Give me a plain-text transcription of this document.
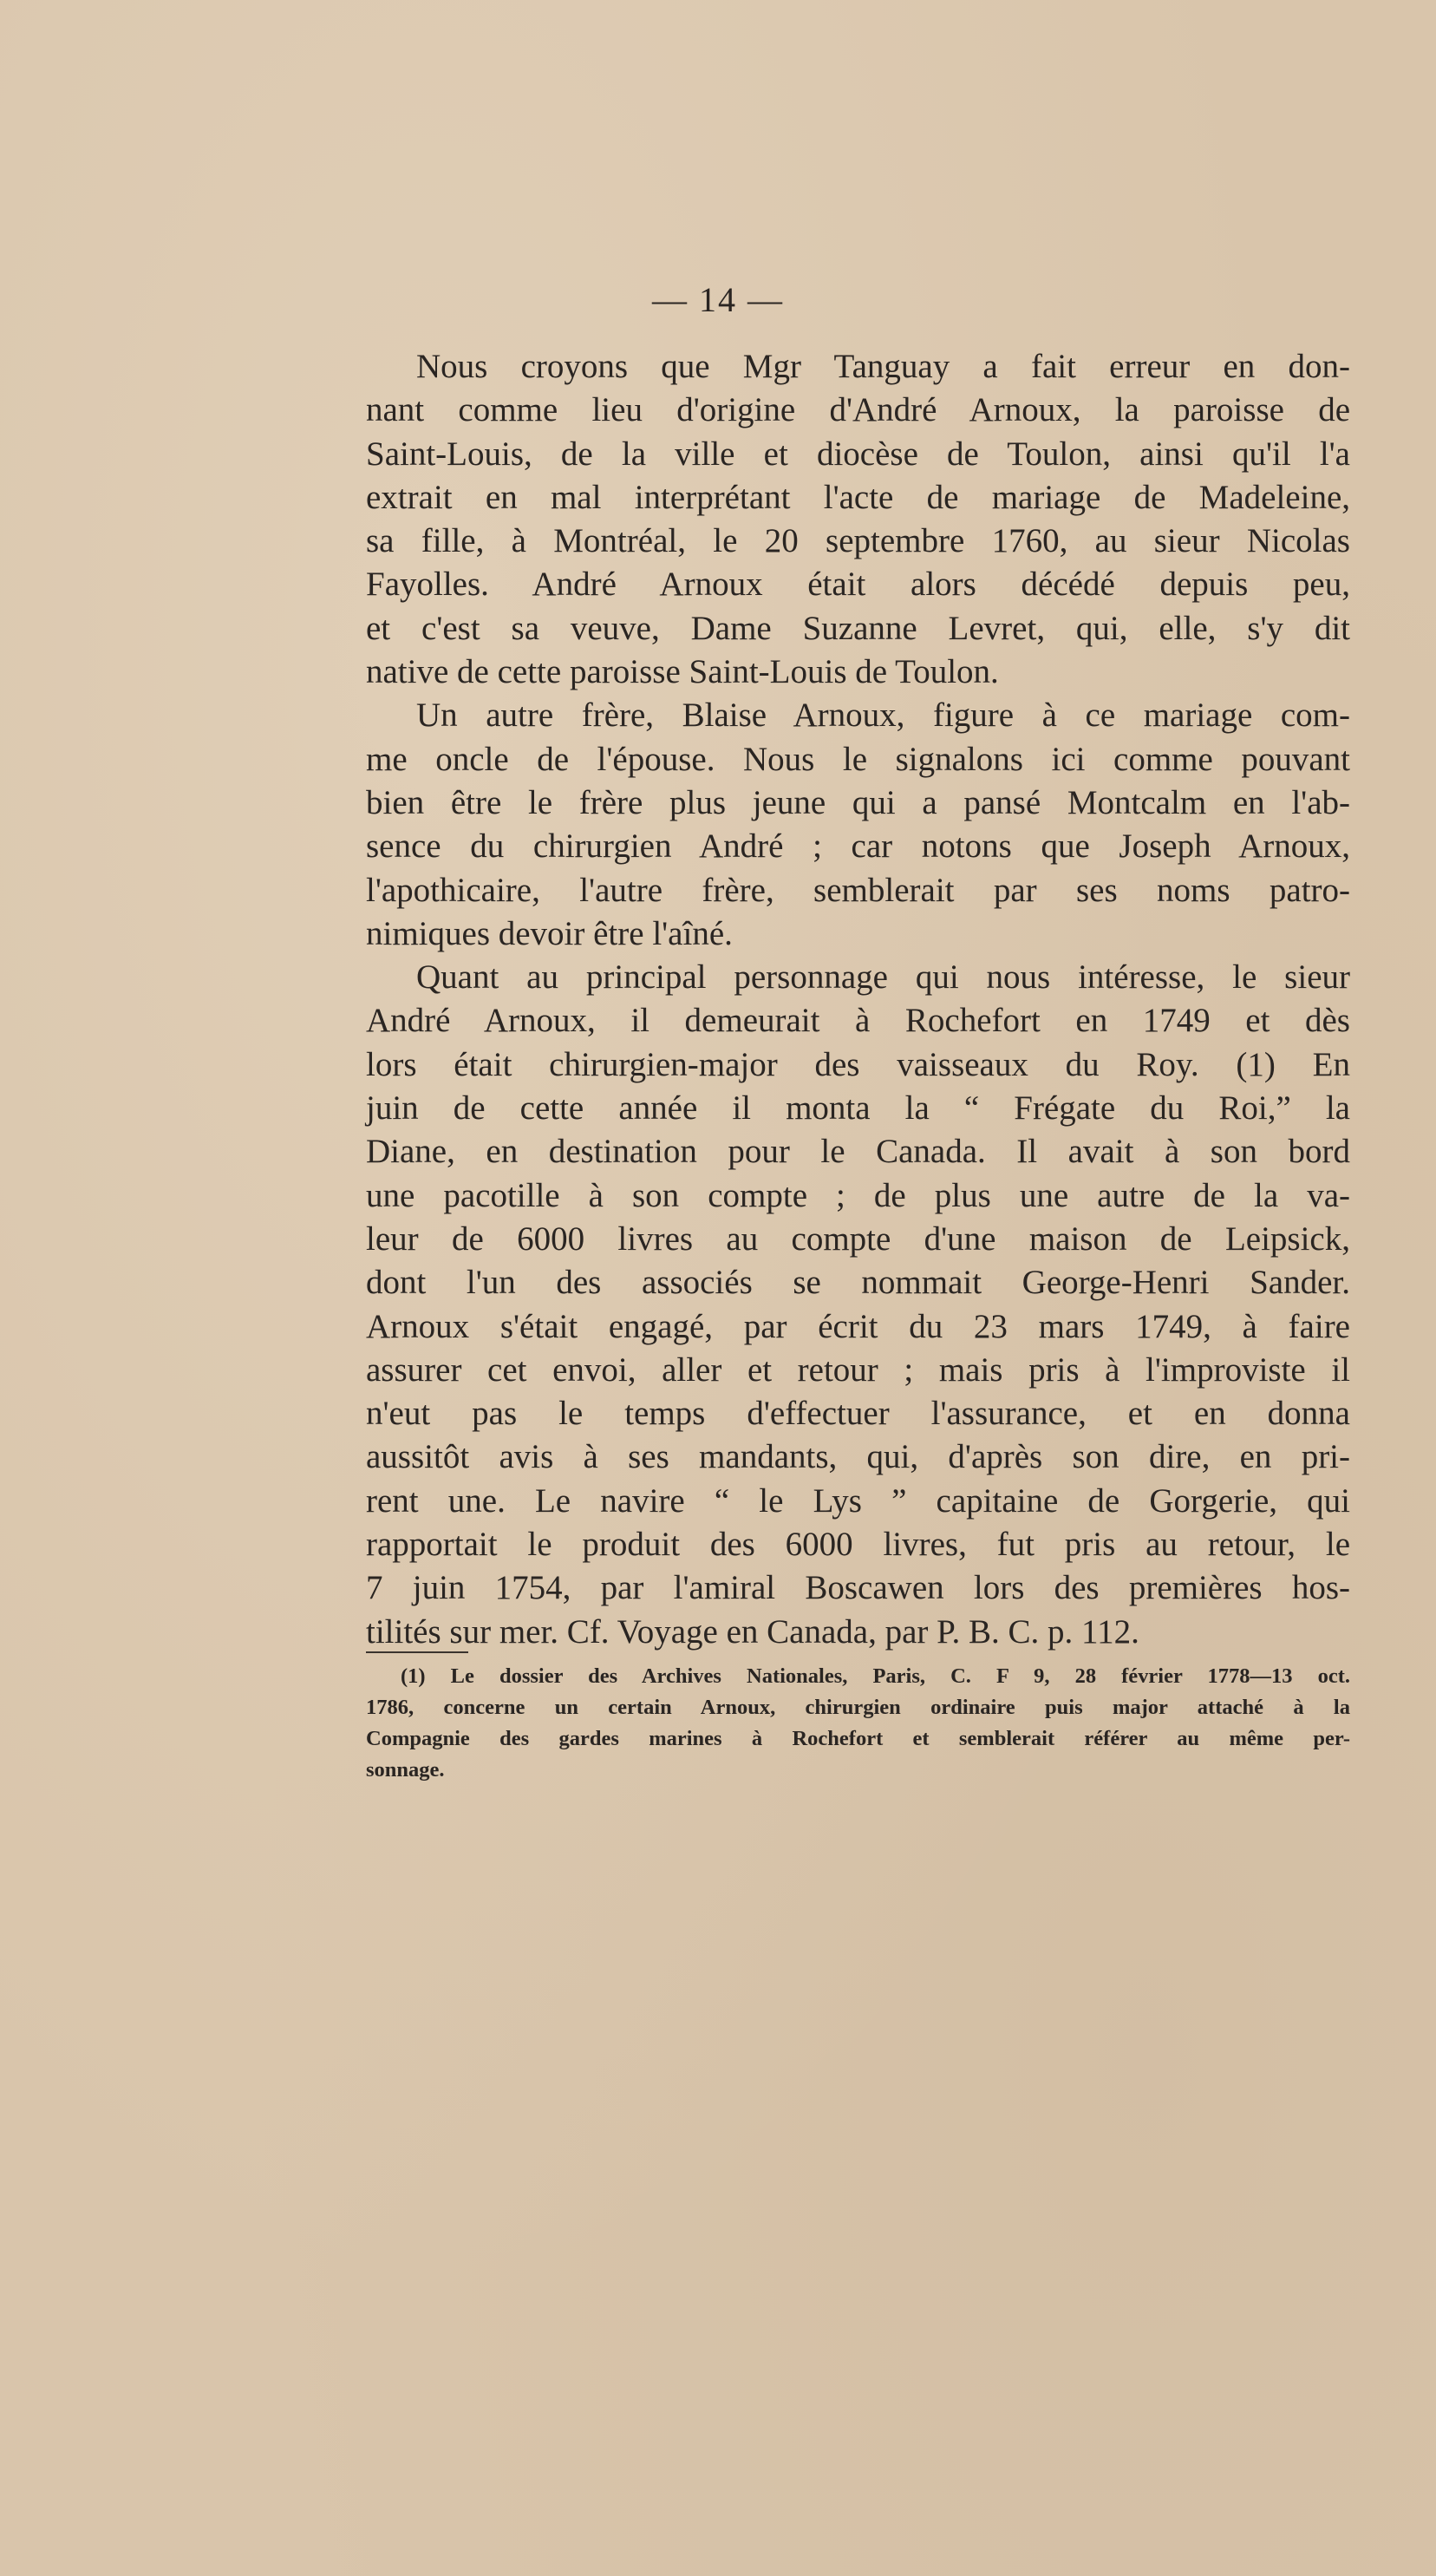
— 14 —
Nous croyons que Mgr Tanguay a fait erreur en don-
nant comme lieu d'origine d'André Arnoux, la paroisse de
Saint-Louis, de la ville et diocèse de Toulon, ainsi qu'il l'a
extrait en mal interprétant l'acte de mariage de Madeleine,
sa fille, à Montréal, le 20 septembre 1760, au sieur Nicolas
Fayolles. André Arnoux était alors décédé depuis peu,
et c'est sa veuve, Dame Suzanne Levret, qui, elle, s'y dit
native de cette paroisse Saint-Louis de Toulon.
Un autre frère, Blaise Arnoux, figure à ce mariage com-
me oncle de l'épouse. Nous le signalons ici comme pouvant
bien être le frère plus jeune qui a pansé Montcalm en l'ab-
sence du chirurgien André ; car notons que Joseph Arnoux,
l'apothicaire, l'autre frère, semblerait par ses noms patro-
nimiques devoir être l'aîné.
Quant au principal personnage qui nous intéresse, le sieur
André Arnoux, il demeurait à Rochefort en 1749 et dès
lors était chirurgien-major des vaisseaux du Roy. (1) En
juin de cette année il monta la “ Frégate du Roi,” la
Diane, en destination pour le Canada. Il avait à son bord
une pacotille à son compte ; de plus une autre de la va-
leur de 6000 livres au compte d'une maison de Leipsick,
dont l'un des associés se nommait George-Henri Sander.
Arnoux s'était engagé, par écrit du 23 mars 1749, à faire
assurer cet envoi, aller et retour ; mais pris à l'improviste il
n'eut pas le temps d'effectuer l'assurance, et en donna
aussitôt avis à ses mandants, qui, d'après son dire, en pri-
rent une. Le navire “ le Lys ” capitaine de Gorgerie, qui
rapportait le produit des 6000 livres, fut pris au retour, le
7 juin 1754, par l'amiral Boscawen lors des premières hos-
tilités sur mer. Cf. Voyage en Canada, par P. B. C. p. 112.
(1) Le dossier des Archives Nationales, Paris, C. F 9, 28 février 1778—13 oct.
1786, concerne un certain Arnoux, chirurgien ordinaire puis major attaché à la
Compagnie des gardes marines à Rochefort et semblerait référer au même per-
sonnage.
